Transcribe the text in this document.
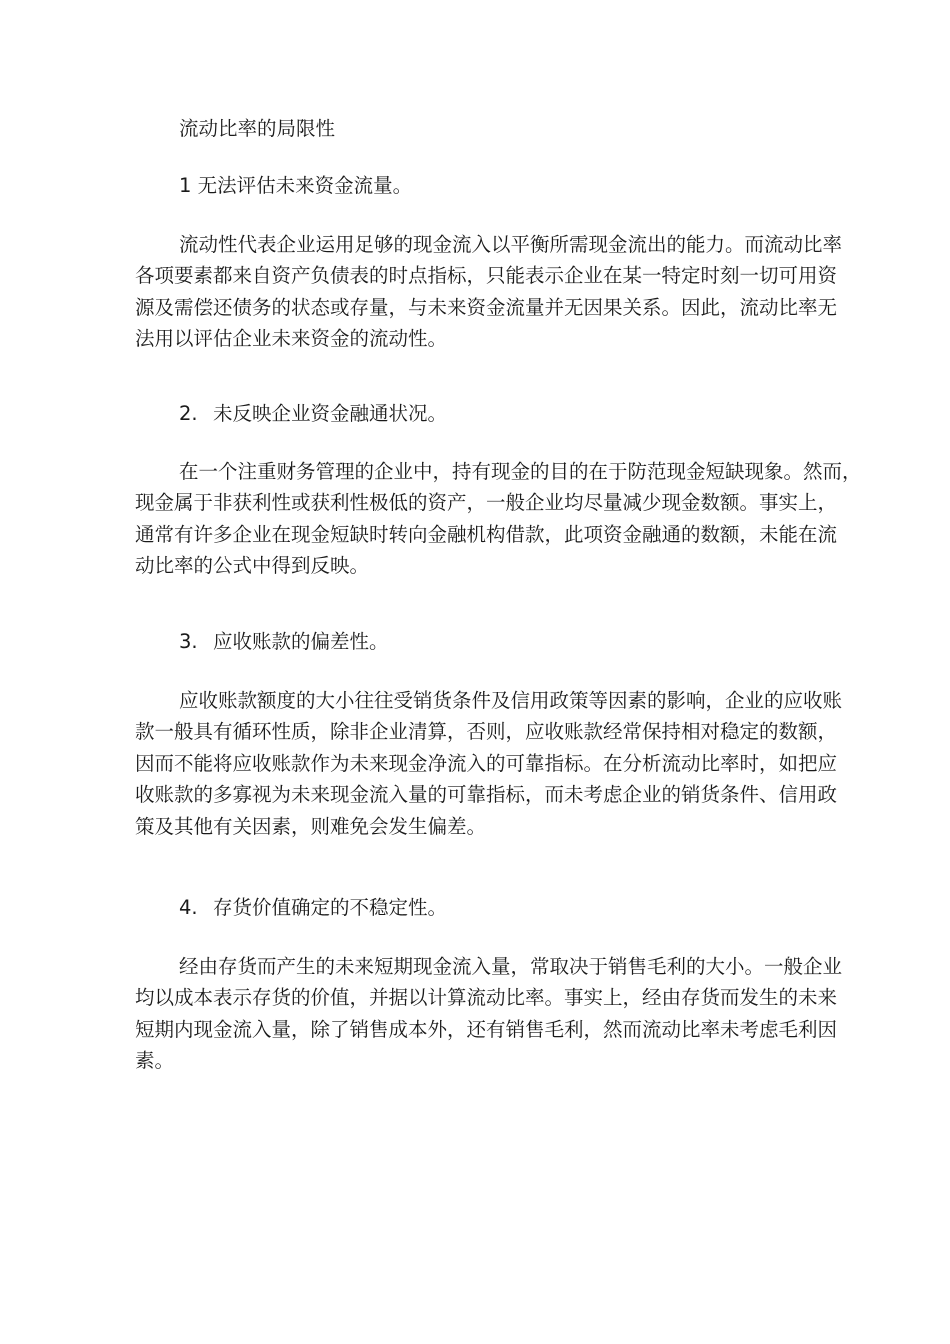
流动比率的局限性

1 无法评估未来资金流量。

流动性代表企业运用足够的现金流入以平衡所需现金流出的能力。而流动比率
各项要素都来自资产负债表的时点指标，只能表示企业在某一特定时刻一切可用资
源及需偿还债务的状态或存量，与未来资金流量并无因果关系。因此，流动比率无
法用以评估企业未来资金的流动性。

2. 未反映企业资金融通状况。

在一个注重财务管理的企业中，持有现金的目的在于防范现金短缺现象。然而，
现金属于非获利性或获利性极低的资产，一般企业均尽量减少现金数额。事实上，
通常有许多企业在现金短缺时转向金融机构借款，此项资金融通的数额，未能在流
动比率的公式中得到反映。

3. 应收账款的偏差性。

应收账款额度的大小往往受销货条件及信用政策等因素的影响，企业的应收账
款一般具有循环性质，除非企业清算，否则，应收账款经常保持相对稳定的数额，
因而不能将应收账款作为未来现金净流入的可靠指标。在分析流动比率时，如把应
收账款的多寡视为未来现金流入量的可靠指标，而未考虑企业的销货条件、信用政
策及其他有关因素，则难免会发生偏差。

4. 存货价值确定的不稳定性。

经由存货而产生的未来短期现金流入量，常取决于销售毛利的大小。一般企业
均以成本表示存货的价值，并据以计算流动比率。事实上，经由存货而发生的未来
短期内现金流入量，除了销售成本外，还有销售毛利，然而流动比率未考虑毛利因
素。
